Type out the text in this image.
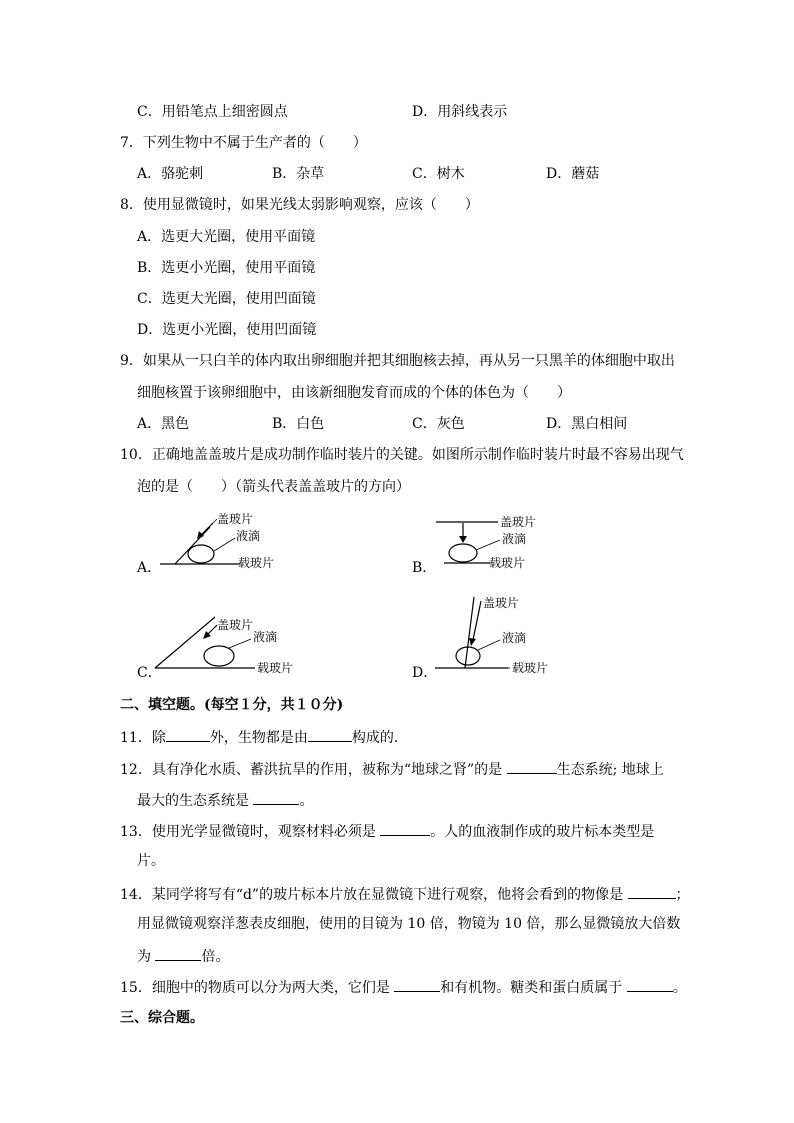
C．用铅笔点上细密圆点	D．用斜线表示
7．下列生物中不属于生产者的（　　）
A．骆驼刺	B．杂草	C．树木	D．蘑菇
8．使用显微镜时，如果光线太弱影响观察，应该（　　）
A．选更大光圈，使用平面镜
B．选更小光圈，使用平面镜
C．选更大光圈，使用凹面镜
D．选更小光圈，使用凹面镜
9．如果从一只白羊的体内取出卵细胞并把其细胞核去掉，再从另一只黑羊的体细胞中取出
细胞核置于该卵细胞中，由该新细胞发育而成的个体的体色为（　　）
A．黑色	B．白色	C．灰色	D．黑白相间
10．正确地盖盖玻片是成功制作临时装片的关键。如图所示制作临时装片时最不容易出现气
泡的是（　　）（箭头代表盖盖玻片的方向）
A．
盖玻片
液滴
载玻片	B．
盖玻片
液滴
载玻片
C．
盖玻片
液滴
载玻片	D．
盖玻片
液滴
载玻片
二、填空题。(每空１分，共１０分)
11．除	外，生物都是由	构成的.
12．具有净化水质、蓄洪抗旱的作用，被称为“地球之肾”的是	生态系统; 地球上
最大的生态系统是	。
13．使用光学显微镜时，观察材料必须是	。人的血液制作成的玻片标本类型是
片。
14．某同学将写有“d”的玻片标本片放在显微镜下进行观察，他将会看到的物像是	；
用显微镜观察洋葱表皮细胞，使用的目镜为 10 倍，物镜为 10 倍，那么显微镜放大倍数
为	倍。
15．细胞中的物质可以分为两大类，它们是	和有机物。糖类和蛋白质属于	。
三、综合题。
